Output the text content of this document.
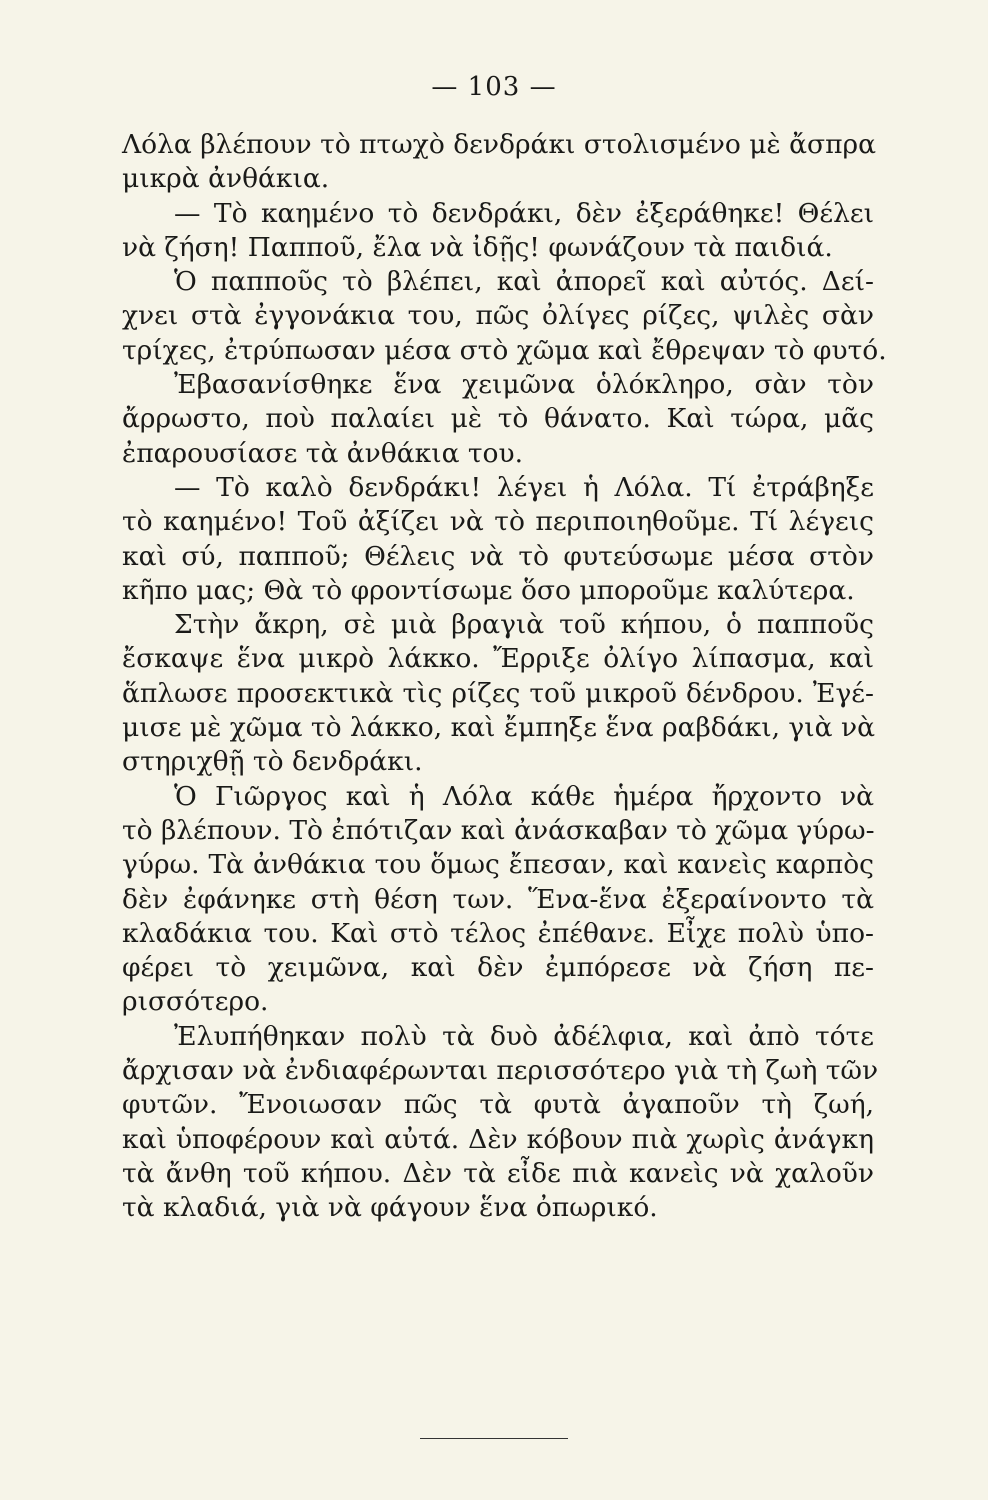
— 103 —
Λόλα βλέπουν τὸ πτωχὸ δενδράκι στολισμένο μὲ ἄσπρα
μικρὰ ἀνθάκια.
— Τὸ καημένο τὸ δενδράκι, δὲν ἐξεράθηκε! Θέλει
νὰ ζήση! Παπποῦ, ἔλα νὰ ἰδῇς! φωνάζουν τὰ παιδιά.
Ὁ παπποῦς τὸ βλέπει, καὶ ἀπορεῖ καὶ αὐτός. Δεί-
χνει στὰ ἐγγονάκια του, πῶς ὀλίγες ρίζες, ψιλὲς σὰν
τρίχες, ἐτρύπωσαν μέσα στὸ χῶμα καὶ ἔθρεψαν τὸ φυτό.
Ἐβασανίσθηκε ἕνα χειμῶνα ὁλόκληρο, σὰν τὸν
ἄρρωστο, ποὺ παλαίει μὲ τὸ θάνατο. Καὶ τώρα, μᾶς
ἐπαρουσίασε τὰ ἀνθάκια του.
— Τὸ καλὸ δενδράκι! λέγει ἡ Λόλα. Τί ἐτράβηξε
τὸ καημένο! Τοῦ ἀξίζει νὰ τὸ περιποιηθοῦμε. Τί λέγεις
καὶ σύ, παπποῦ; Θέλεις νὰ τὸ φυτεύσωμε μέσα στὸν
κῆπο μας; Θὰ τὸ φροντίσωμε ὅσο μποροῦμε καλύτερα.
Στὴν ἄκρη, σὲ μιὰ βραγιὰ τοῦ κήπου, ὁ παπποῦς
ἔσκαψε ἕνα μικρὸ λάκκο. Ἔρριξε ὀλίγο λίπασμα, καὶ
ἅπλωσε προσεκτικὰ τὶς ρίζες τοῦ μικροῦ δένδρου. Ἐγέ-
μισε μὲ χῶμα τὸ λάκκο, καὶ ἔμπηξε ἕνα ραβδάκι, γιὰ νὰ
στηριχθῇ τὸ δενδράκι.
Ὁ Γιῶργος καὶ ἡ Λόλα κάθε ἡμέρα ἤρχοντο νὰ
τὸ βλέπουν. Τὸ ἐπότιζαν καὶ ἀνάσκαβαν τὸ χῶμα γύρω-
γύρω. Τὰ ἀνθάκια του ὅμως ἔπεσαν, καὶ κανεὶς καρπὸς
δὲν ἐφάνηκε στὴ θέση των. Ἕνα-ἕνα ἐξεραίνοντο τὰ
κλαδάκια του. Καὶ στὸ τέλος ἐπέθανε. Εἶχε πολὺ ὑπο-
φέρει τὸ χειμῶνα, καὶ δὲν ἐμπόρεσε νὰ ζήση πε-
ρισσότερο.
Ἐλυπήθηκαν πολὺ τὰ δυὸ ἀδέλφια, καὶ ἀπὸ τότε
ἄρχισαν νὰ ἐνδιαφέρωνται περισσότερο γιὰ τὴ ζωὴ τῶν
φυτῶν. Ἔνοιωσαν πῶς τὰ φυτὰ ἀγαποῦν τὴ ζωή,
καὶ ὑποφέρουν καὶ αὐτά. Δὲν κόβουν πιὰ χωρὶς ἀνάγκη
τὰ ἄνθη τοῦ κήπου. Δὲν τὰ εἶδε πιὰ κανεὶς νὰ χαλοῦν
τὰ κλαδιά, γιὰ νὰ φάγουν ἕνα ὀπωρικό.
